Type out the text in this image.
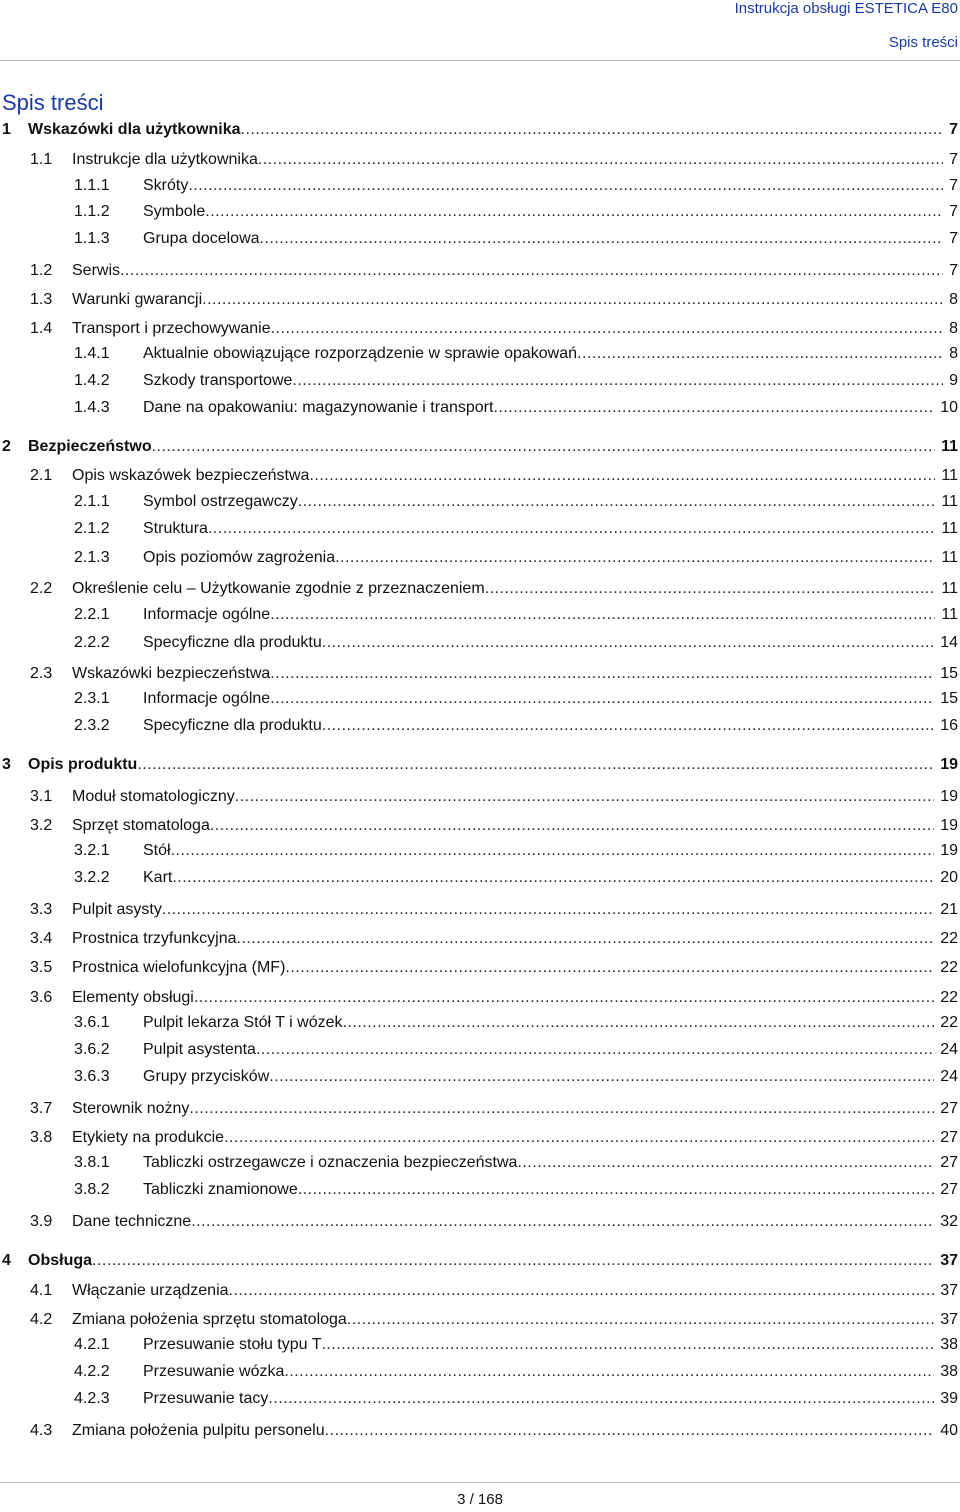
Instrukcja obsługi ESTETICA E80
Spis treści
Spis treści
1	Wskazówki dla użytkownika .....	7
1.1	Instrukcje dla użytkownika .....	7
1.1.1	Skróty .....	7
1.1.2	Symbole .....	7
1.1.3	Grupa docelowa .....	7
1.2	Serwis .....	7
1.3	Warunki gwarancji .....	8
1.4	Transport i przechowywanie .....	8
1.4.1	Aktualnie obowiązujące rozporządzenie w sprawie opakowań .....	8
1.4.2	Szkody transportowe .....	9
1.4.3	Dane na opakowaniu: magazynowanie i transport .....	10
2	Bezpieczeństwo .....	11
2.1	Opis wskazówek bezpieczeństwa .....	11
2.1.1	Symbol ostrzegawczy .....	11
2.1.2	Struktura .....	11
2.1.3	Opis poziomów zagrożenia .....	11
2.2	Określenie celu – Użytkowanie zgodnie z przeznaczeniem .....	11
2.2.1	Informacje ogólne .....	11
2.2.2	Specyficzne dla produktu .....	14
2.3	Wskazówki bezpieczeństwa .....	15
2.3.1	Informacje ogólne .....	15
2.3.2	Specyficzne dla produktu .....	16
3	Opis produktu .....	19
3.1	Moduł stomatologiczny .....	19
3.2	Sprzęt stomatologa .....	19
3.2.1	Stół .....	19
3.2.2	Kart .....	20
3.3	Pulpit asysty .....	21
3.4	Prostnica trzyfunkcyjna .....	22
3.5	Prostnica wielofunkcyjna (MF) .....	22
3.6	Elementy obsługi .....	22
3.6.1	Pulpit lekarza Stół T i wózek .....	22
3.6.2	Pulpit asystenta .....	24
3.6.3	Grupy przycisków .....	24
3.7	Sterownik nożny .....	27
3.8	Etykiety na produkcie .....	27
3.8.1	Tabliczki ostrzegawcze i oznaczenia bezpieczeństwa .....	27
3.8.2	Tabliczki znamionowe .....	27
3.9	Dane techniczne .....	32
4	Obsługa .....	37
4.1	Włączanie urządzenia .....	37
4.2	Zmiana położenia sprzętu stomatologa .....	37
4.2.1	Przesuwanie stołu typu T .....	38
4.2.2	Przesuwanie wózka .....	38
4.2.3	Przesuwanie tacy .....	39
4.3	Zmiana położenia pulpitu personelu .....	40
3 / 168
